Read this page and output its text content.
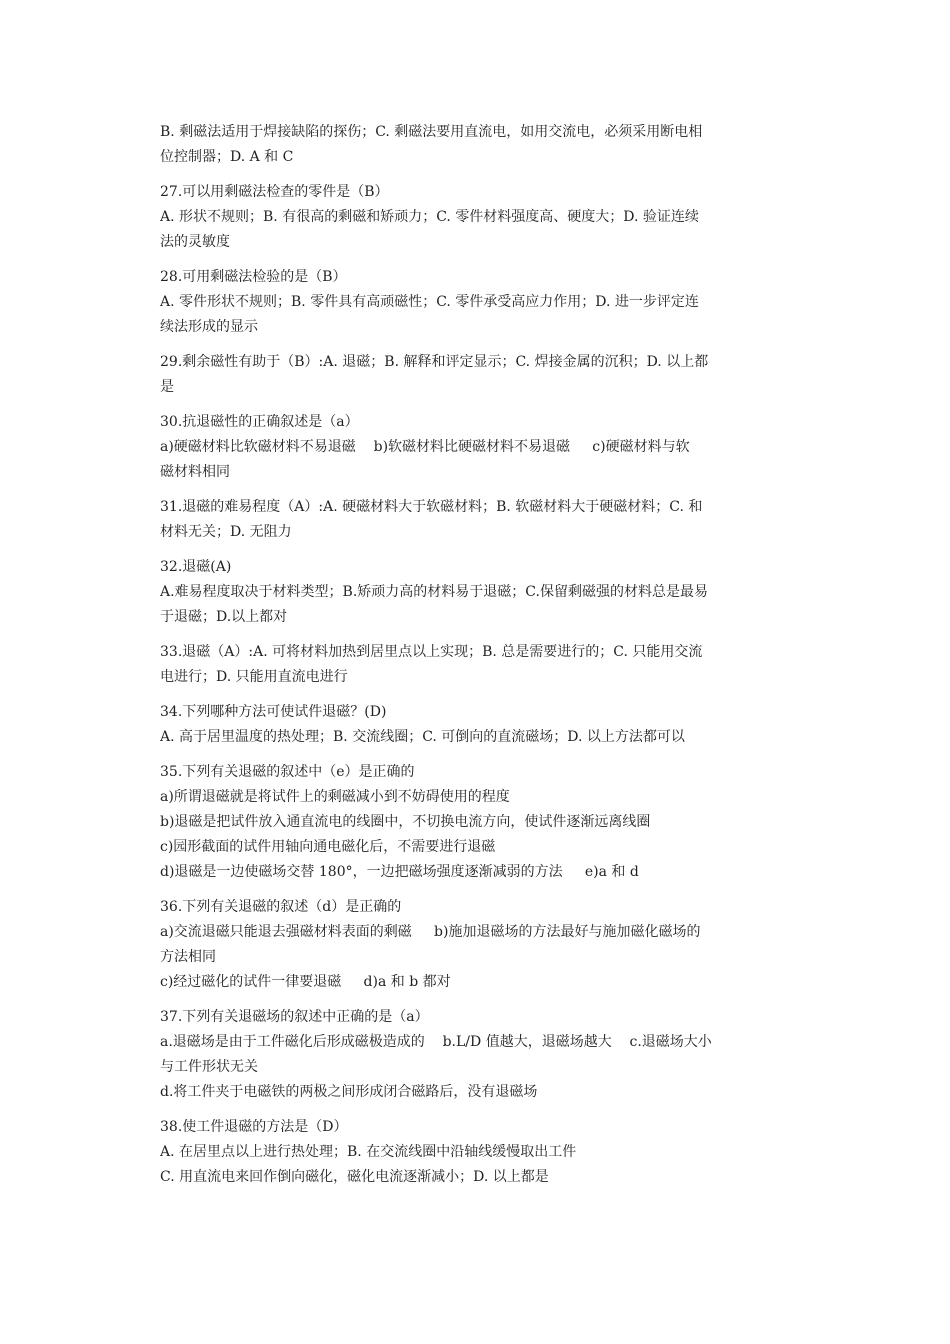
B. 剩磁法适用于焊接缺陷的探伤；C. 剩磁法要用直流电，如用交流电，必须采用断电相
位控制器；D. A 和 C
27.可以用剩磁法检查的零件是（B）
A. 形状不规则；B. 有很高的剩磁和矫顽力；C. 零件材料强度高、硬度大；D. 验证连续
法的灵敏度
28.可用剩磁法检验的是（B）
A. 零件形状不规则；B. 零件具有高顽磁性；C. 零件承受高应力作用；D. 进一步评定连
续法形成的显示
29.剩余磁性有助于（B）:A. 退磁；B. 解释和评定显示；C. 焊接金属的沉积；D. 以上都
是
30.抗退磁性的正确叙述是（a）
a)硬磁材料比软磁材料不易退磁    b)软磁材料比硬磁材料不易退磁     c)硬磁材料与软
磁材料相同
31.退磁的难易程度（A）:A. 硬磁材料大于软磁材料；B. 软磁材料大于硬磁材料；C. 和
材料无关；D. 无阻力
32.退磁(A)
A.难易程度取决于材料类型；B.矫顽力高的材料易于退磁；C.保留剩磁强的材料总是最易
于退磁；D.以上都对
33.退磁（A）:A. 可将材料加热到居里点以上实现；B. 总是需要进行的；C. 只能用交流
电进行；D. 只能用直流电进行
34.下列哪种方法可使试件退磁？(D)
A. 高于居里温度的热处理；B. 交流线圈；C. 可倒向的直流磁场；D. 以上方法都可以
35.下列有关退磁的叙述中（e）是正确的
a)所谓退磁就是将试件上的剩磁减小到不妨碍使用的程度
b)退磁是把试件放入通直流电的线圈中，不切换电流方向，使试件逐渐远离线圈
c)园形截面的试件用轴向通电磁化后，不需要进行退磁
d)退磁是一边使磁场交替 180°，一边把磁场强度逐渐减弱的方法     e)a 和 d
36.下列有关退磁的叙述（d）是正确的
a)交流退磁只能退去强磁材料表面的剩磁     b)施加退磁场的方法最好与施加磁化磁场的
方法相同
c)经过磁化的试件一律要退磁     d)a 和 b 都对
37.下列有关退磁场的叙述中正确的是（a）
a.退磁场是由于工件磁化后形成磁极造成的    b.L/D 值越大，退磁场越大    c.退磁场大小
与工件形状无关
d.将工件夹于电磁铁的两极之间形成闭合磁路后，没有退磁场
38.使工件退磁的方法是（D）
A. 在居里点以上进行热处理；B. 在交流线圈中沿轴线缓慢取出工件
C. 用直流电来回作倒向磁化，磁化电流逐渐减小；D. 以上都是
